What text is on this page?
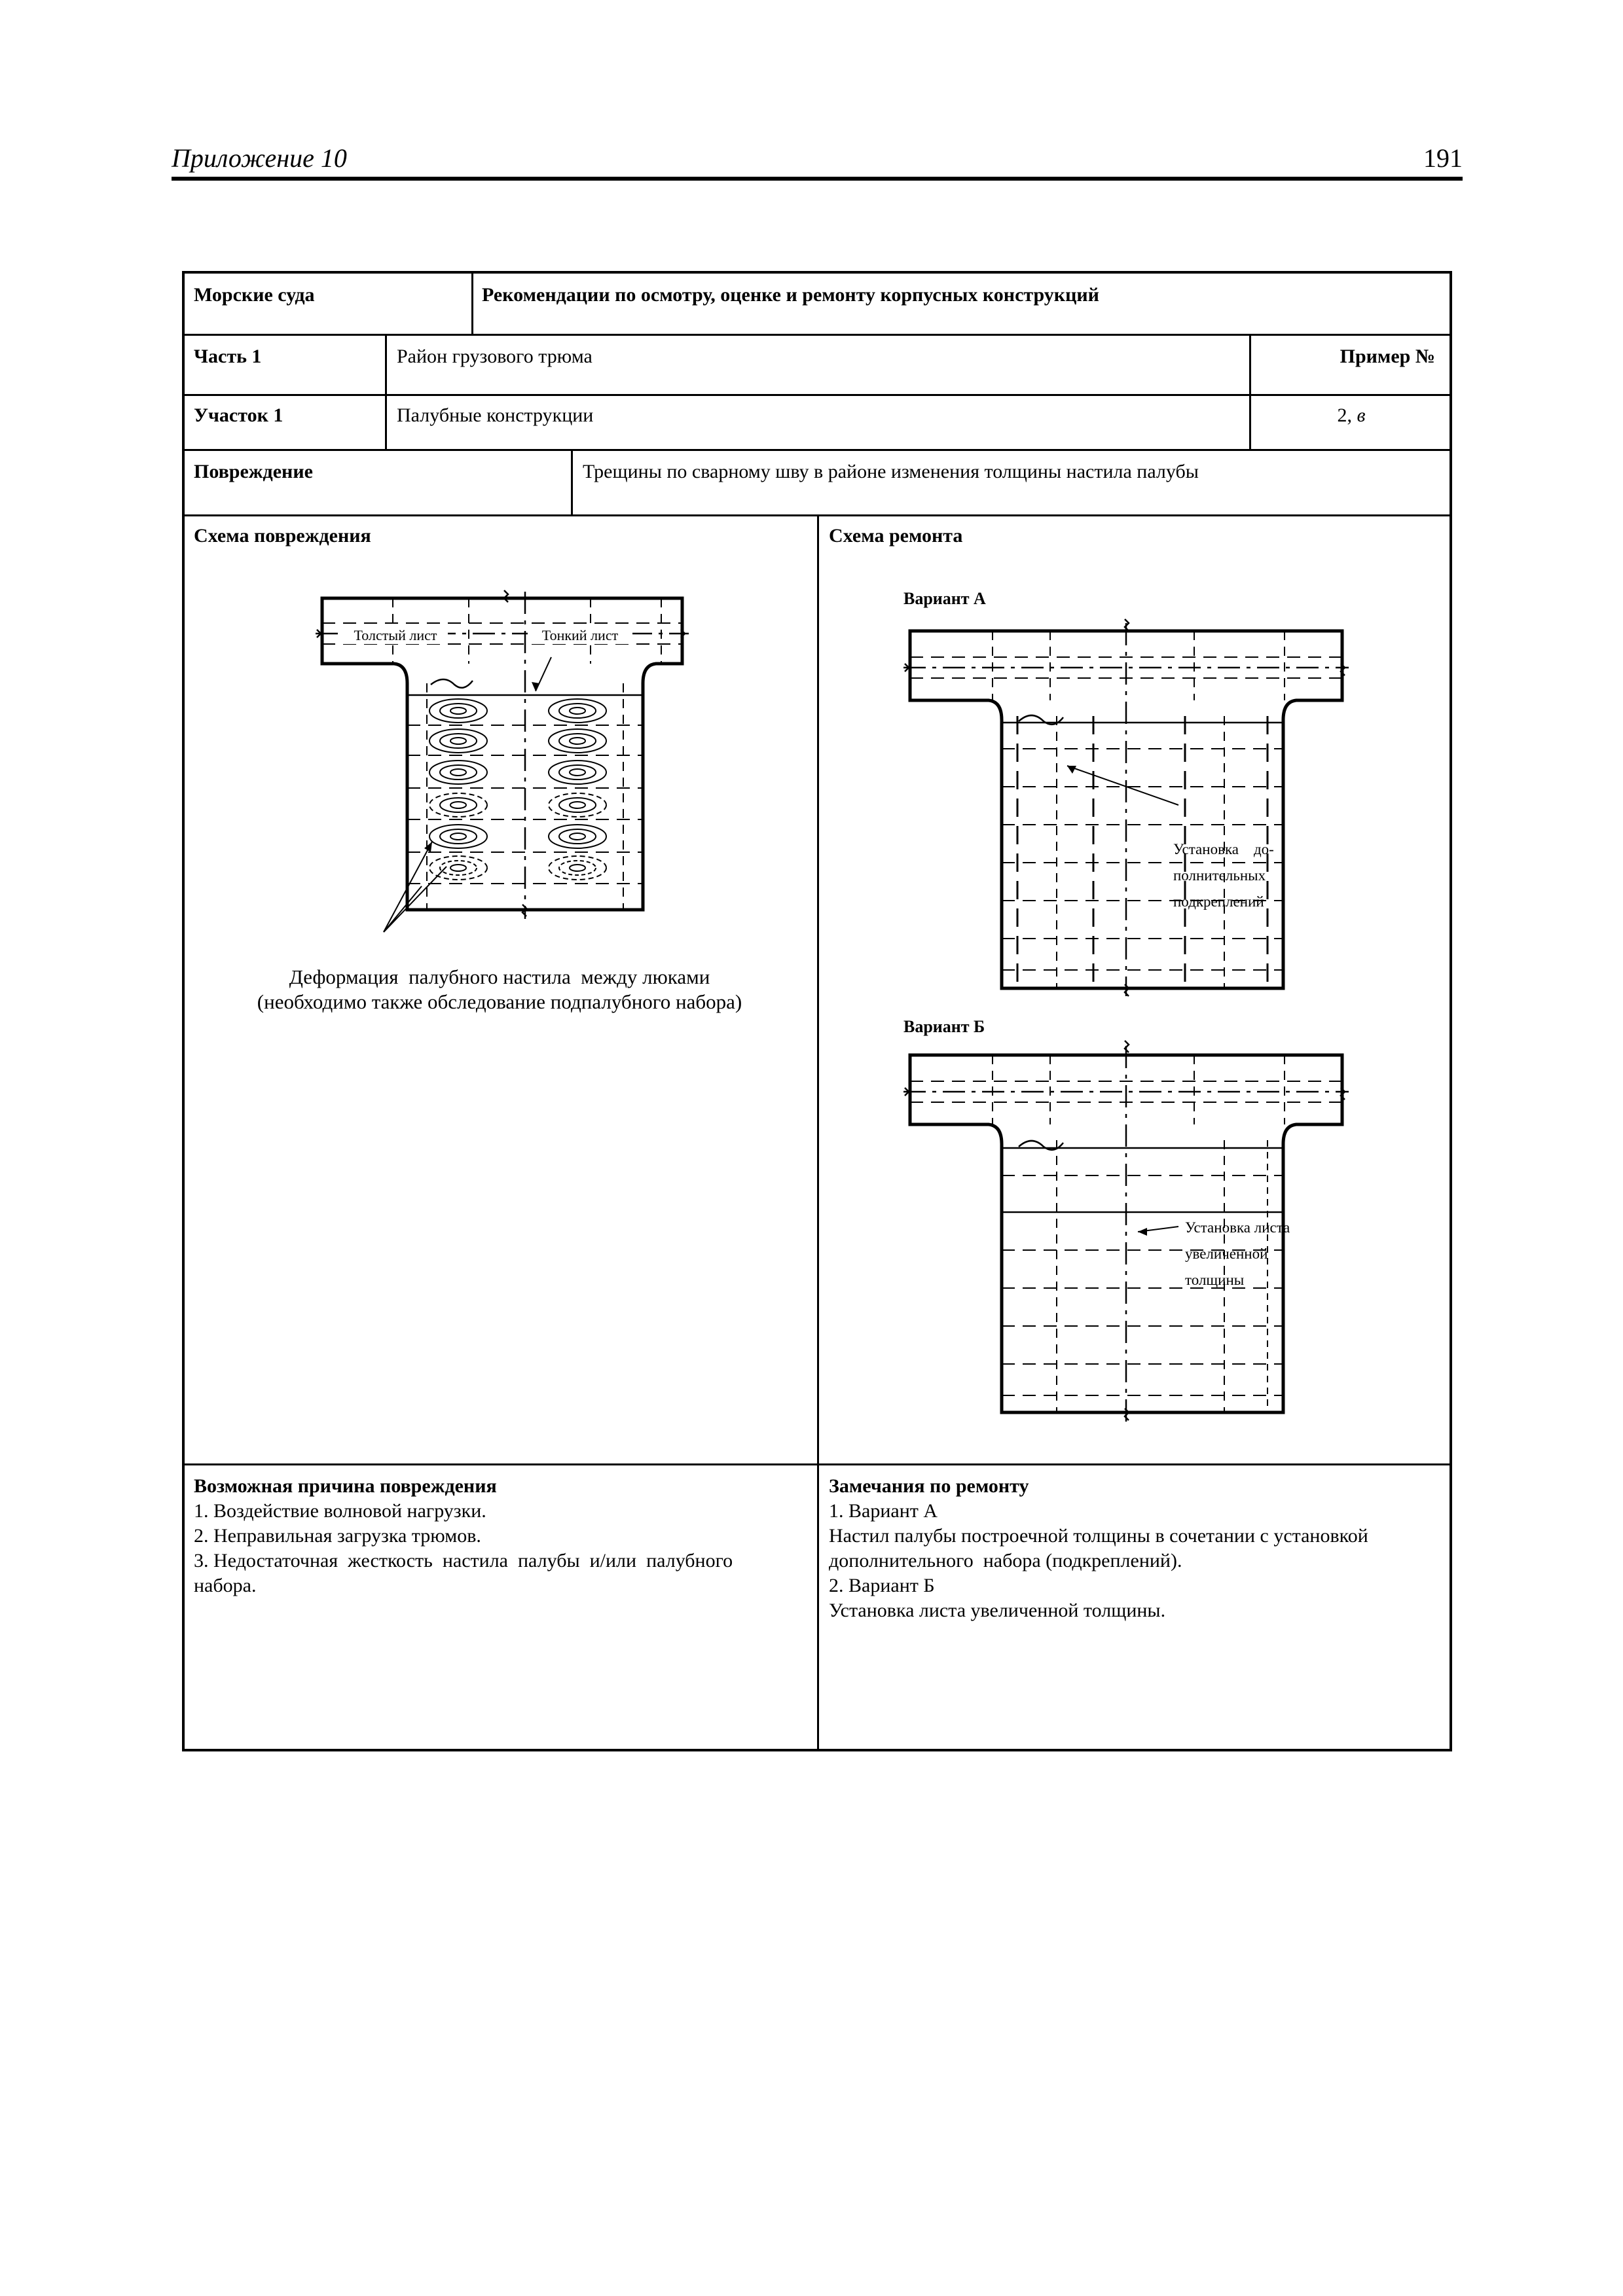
Приложение 10	191
Морские суда	Рекомендации по осмотру, оценке и ремонту корпусных конструкций
Часть 1	Район грузового трюма	Пример №
Участок 1	Палубные конструкции	2, в
Повреждение	Трещины по сварному шву в районе изменения толщины настила палубы
Схема повреждения	Схема ремонта
Толстый лист	Тонкий лист
Деформация  палубного настила  между люками
(необходимо также обследование подпалубного набора)
Вариант А
Установка    до-
полнительных
подкреплений
Вариант Б
Установка листа
увеличенной
толщины
Возможная причина повреждения
1. Воздействие волновой нагрузки.
2. Неправильная загрузка трюмов.
3. Недостаточная  жесткость  настила  палубы  и/или  палубного
набора.
Замечания по ремонту
1. Вариант А
Настил палубы построечной толщины в сочетании с установкой
дополнительного  набора (подкреплений).
2. Вариант Б
Установка листа увеличенной толщины.
